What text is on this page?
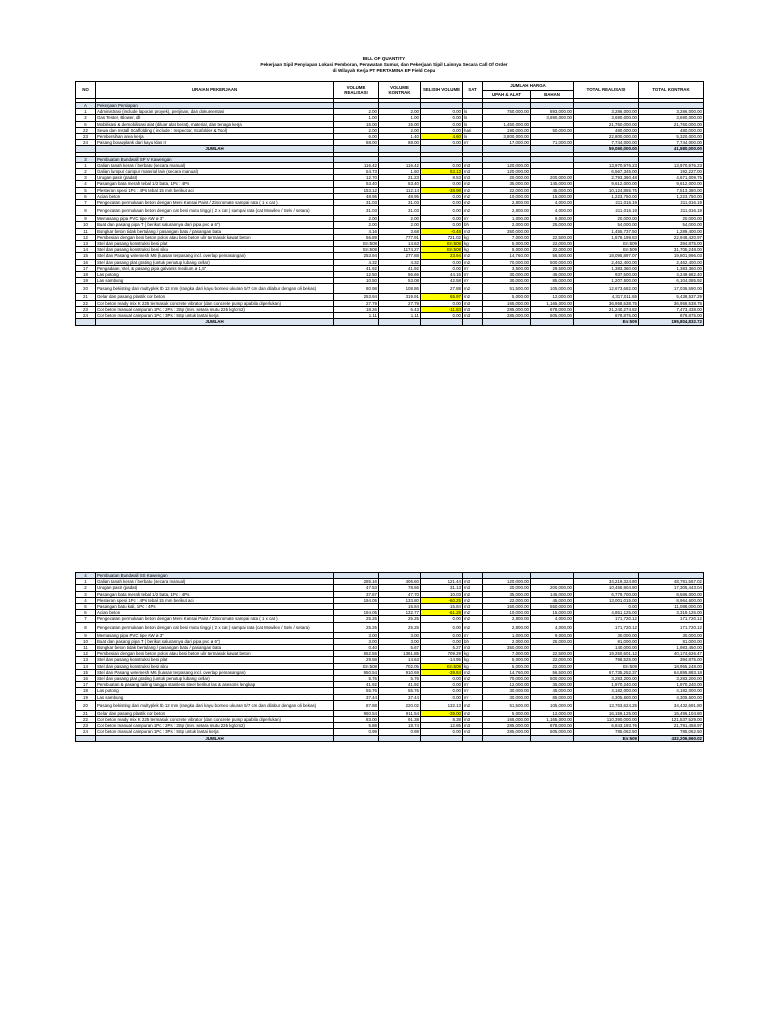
BILL OF QUANTITY
Pekerjaan Sipil Penyiapan Lokasi Pemboran, Perawatan Sumur, dan Pekerjaan Sipil Lainnya Secara Call Of Order
di Wilayah Kerja PT PERTAMINA EP Field Cepu
NO	URAIAN PEKERJAAN	VOLUME REALISASI	VOLUME KONTRAK	SELISIH VOLUME	SAT	JUMLAH HARGA		TOTAL REALISASI	TOTAL KONTRAK
						UPAH & ALAT	BAHAN		

A	Pekerjaan Persiapan								
1	Administrasi (include laporan proyek), perijinan, dan dokumentasi	2.00	2.00	0.00	ls	750,000.00	893,000.00	3,286,000.00	3,286,000.00
2	Gas Tester, Blower, dll	1.00	1.00	0.00	ls		3,690,000.00	3,690,000.00	3,690,000.00
6	Mobilisasi & demobilisasi alat (diluar alat berat), material, dan tenaga kerja	15.00	15.00	0.00	ls	1,450,000.00		21,750,000.00	21,750,000.00
22	Sewa dan Install Scaffolding ( include : Inspector, Scafolder & Tool)	2.00	2.00	0.00	hari	190,000.00	50,000.00	480,000.00	480,000.00
23	Pembersihan area kerja	6.00	1.40	4.60	ls	3,800,000.00		22,800,000.00	5,320,000.00
24	Pasang bouwplank dari kayu klas II	88.00	88.00	0.00	m'	17,000.00	71,000.00	7,744,000.00	7,744,000.00
	JUMLAH							59,060,000.00	41,580,000.00

3	Pembuatan Bundwall SP V Kawengan								
1	Galian tanah keras / berbatu (secara manual)	116.42	116.42	0.00	m3	120,000.00		13,970,976.23	13,970,976.23
2	Galian lumpur campur material lain (secara manual)	54.73	1.60	53.13	m3	120,000.00		6,567,345.00	192,227.00
3	Urugan pasir (padat)	12.70	21.23	8.53	m3	20,000.00	200,000.00	2,793,360.48	4,671,009.75
4	Pasangan bata merah tebal 1/2 bata, 1Pc : 4Ps	53.40	53.40	0.00	m2	35,000.00	145,000.00	9,612,000.00	9,612,000.00
5	Plesteran spesi 1Pc : 4Ps tebal 15 mm berikut aci	153.12	112.14	-38.98	m2	22,000.00	45,000.00	10,124,855.75	7,513,380.00
6	Acian beton	48.95	48.95	0.00	m2	10,000.00	15,000.00	1,223,750.00	1,223,750.00
7	Pengecatan permukaan beton dengan Meni Kansai Paint / Zincromate sampai rata ( 1 x cat )	31.03	31.03	0.00	m2	2,800.00	4,000.00	211,016.19	211,016.19
8	Pengecatan permukaan beton dengan cat besi mutu tinggi ( 2 x cat ) sampai rata (cat Mowilex / Selv / setara)	31.03	31.03	0.00	m2	2,800.00	4,000.00	211,016.19	211,016.19
9	Memasang pipa PVC tipe AW ø 3"	2.00	2.00	0.00	m'	1,000.00	9,000.00	20,000.00	20,000.00
10	Buat dan pasang pipa T ( berikut salurannya dari pipa pvc ø 6")	2.00	2.00	0.00	bh	2,000.00	25,000.00	54,000.00	54,000.00
11	Bongkar beton tidak bertulang / pasangan batu / pasangan bata	4.16	3.68	-0.48	m3	350,000.00		1,455,737.50	1,289,400.00
12	Pembesian dengan besi beton polos atau besi beton ulir termasuk kawat beton	56.89	777.91	721.02	kg	7,000.00	22,500.00	1,678,198.83	22,948,420.97
13	Stel dan pasang konstruksi besi plat	En:508	14.63	En:508	kg	5,000.00	22,000.00	En:509	394,875.00
14	Stel dan pasang konstruksi besi siku	En:508	1174.27	En:508	kg	5,000.00	22,000.00	En:509	31,705,248.00
15	Stel dan Pasang wiremesh M6 (luasan terpasang incl. overlap pemasangan)	253.94	277.88	23.94	m2	14,760.00	56,500.00	18,095,897.07	19,801,996.03
16	Stel dan pasang plat grating (untuk penutup lubang cellar)	4.32	4.32	0.00	m2	70,000.00	500,000.00	2,462,400.00	2,462,400.00
17	Pengadaan, stel, & pasang pipa galvanis medium ø 1,5"	41.92	41.92	0.00	m'	3,500.00	29,500.00	1,383,360.00	1,383,360.00
18	Las potong	12.50	56.66	44.16	m'	30,000.00	45,000.00	937,500.00	4,249,682.40
19	Las sambung	10.50	53.08	42.58	m'	30,000.00	85,000.00	1,207,500.00	6,104,085.92
20	Pasang bekisting dari multyplek tb 12 mm (rangka dari kayu borneo ukuran 5/7 cm dan dilabur dengan oli bekas)	80.98	108.86	27.88	m2	51,500.00	105,000.00	12,673,682.00	17,036,590.00
21	Gelar dan pasang plastik cor beton	253.94	319.91	65.97	m2	5,000.00	12,000.00	4,317,011.65	5,438,537.29
22	Cor beton ready mix K 225 termasuk concrete vibrator (dan concrete pump apabila diperlukan)	27.79	27.79	0.00	m3	165,000.00	1,165,000.00	36,958,538.75	36,958,538.75
23	Cor beton manual campuran 1Pc : 2Ps : 3Sp (min. setara mutu 225 kg/cm2)	18.26	6.43	-11.84	m3	285,000.00	878,000.00	21,240,274.82	7,473,438.00
24	Cor beton manual campuran 1Pc : 3Ps : 5Sp untuk lantai kerja	1.11	1.11	0.00	m3	285,000.00	505,000.00	878,875.00	878,875.00
	JUMLAH							En:509	195,804,832.72
4	Pembuatan Bundwall SS Kawengan								
1	Galian tanah keras / berbatu (secara manual)	285.16	406.60	121.44	m3	120,000.00		34,219,324.80	48,791,567.02
2	Urugan pasir (padat)	47.53	78.66	31.13	m3	20,000.00	200,000.00	10,455,904.80	17,305,443.04
3	Pasangan bata merah tebal 1/2 bata, 1Pc : 4Ps	37.67	47.70	10.03	m2	35,000.00	145,000.00	6,779,700.00	8,586,000.00
4	Plesteran spesi 1Pc : 4Ps tebal 15 mm berikut aci	194.05	133.80	-60.25	m2	22,000.00	45,000.00	13,001,015.00	8,964,600.00
5	Pasangan batu kali, 1Pc : 4Ps		15.84	15.84	m3	150,000.00	550,000.00	0.00	11,088,000.00
6	Acian beton	194.05	132.77	-61.28	m2	10,000.00	15,000.00	4,851,125.00	3,319,125.00
7	Pengecatan permukaan beton dengan Meni Kansai Paint / Zincromate sampai rata ( 1 x cat )	25.25	25.25	0.00	m2	2,800.00	4,000.00	171,720.12	171,720.12
8	Pengecatan permukaan beton dengan cat besi mutu tinggi ( 2 x cat ) sampai rata (cat Mowilex / Selv / setara)	25.25	25.25	0.00	m2	2,800.00	4,000.00	171,720.12	171,720.12
9	Memasang pipa PVC tipe AW ø 3"	3.00	3.00	0.00	m'	1,000.00	9,000.00	30,000.00	30,000.00
10	Buat dan pasang pipa T ( berikut salurannya dari pipa pvc ø 6")	3.00	3.00	0.00	bh	2,000.00	25,000.00	81,000.00	81,000.00
11	Bongkar beton tidak bertulang / pasangan batu / pasangan bata	0.40	5.67	5.27	m3	350,000.00		140,000.00	1,983,450.00
12	Pembesian dengan besi beton polos atau besi beton ulir termasuk kawat beton	652.56	1361.85	709.29	kg	7,000.00	22,500.00	19,250,501.12	40,174,626.47
13	Stel dan pasang konstruksi besi plat	29.58	14.63	-14.95	kg	5,000.00	22,000.00	798,525.00	394,875.00
14	Stel dan pasang konstruksi besi siku	En:508	702.05	En:508	kg	5,000.00	22,000.00	En:509	18,955,248.00
15	Stel dan Pasang wiremesh M6 (luasan terpasang incl. overlap pemasangan)	950.54	910.69	-39.84	m2	14,760.00	56,500.00	67,735,252.37	64,895,883.18
16	Stel dan pasang plat grating (untuk penutup lubang cellar)	5.76	5.76	0.00	m2	70,000.00	500,000.00	3,283,200.00	3,283,200.00
17	Pembuatan & pasang railing tangga stainless steel berikut las & asesoris lengkap	41.92	41.92	0.00	m'	12,000.00	35,000.00	1,970,240.00	1,970,240.00
18	Las potong	55.76	55.76	0.00	m'	30,000.00	45,000.00	4,182,000.00	4,182,000.00
19	Las sambung	37.44	37.44	0.00	m'	30,000.00	85,000.00	4,305,600.00	4,305,600.00
20	Pasang bekisting dari multyplek tb 12 mm (rangka dari kayu borneo ukuran 5/7 cm dan dilabur dengan oli bekas)	87.88	220.02	132.13	m2	51,500.00	105,000.00	13,753,624.25	34,432,691.80
21	Gelar dan pasang plastik cor beton	950.54	911.54	-39.00	m2	5,000.00	12,000.00	16,159,125.00	15,496,104.80
22	Cor beton ready mix K 225 termasuk concrete vibrator (dan concrete pump apabila diperlukan)	83.00	91.38	8.38	m3	165,000.00	1,165,000.00	110,390,000.00	121,537,529.00
23	Cor beton manual campuran 1Pc : 2Ps : 3Sp (min. setara mutu 225 kg/cm2)	5.88	18.74	12.85	m3	285,000.00	878,000.00	6,843,193.76	21,791,458.97
24	Cor beton manual campuran 1Pc : 3Ps : 5Sp untuk lantai kerja	0.99	0.99	0.00	m3	285,000.00	505,000.00	785,062.50	785,062.50
	JUMLAH							En:509	432,206,960.02
